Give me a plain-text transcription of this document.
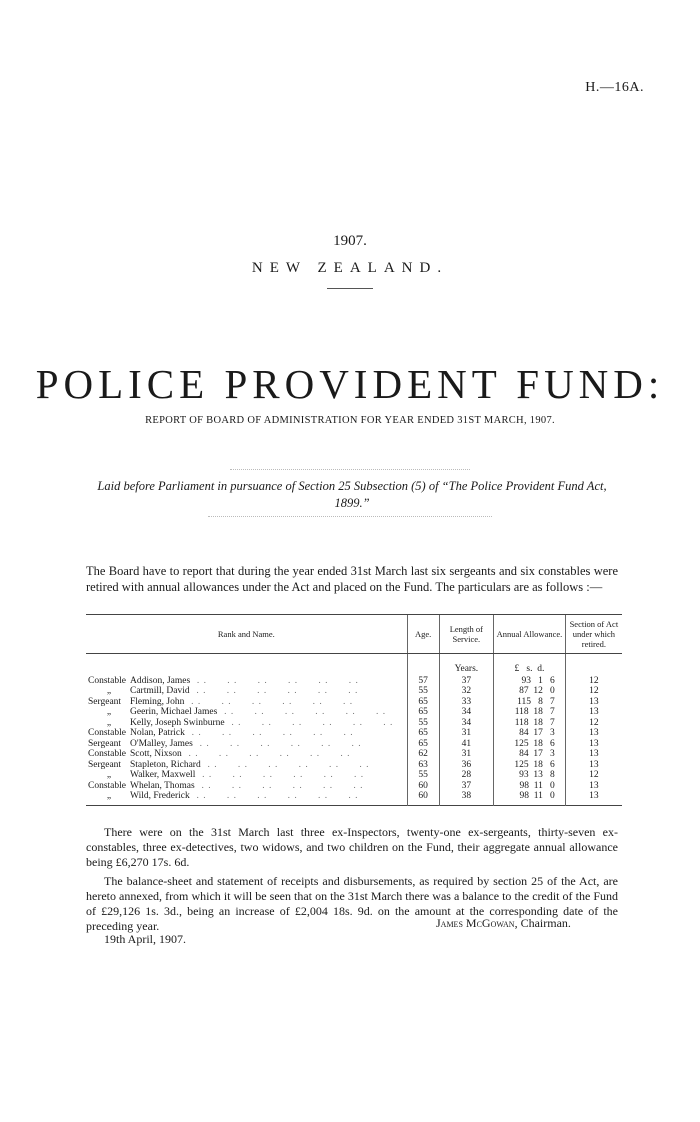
H.—16A.
1907.
NEW ZEALAND.
POLICE PROVIDENT FUND:
REPORT OF BOARD OF ADMINISTRATION FOR YEAR ENDED 31ST MARCH, 1907.
Laid before Parliament in pursuance of Section 25 Subsection (5) of “The Police Provident Fund Act, 1899.”
The Board have to report that during the year ended 31st March last six sergeants and six constables were retired with annual allowances under the Act and placed on the Fund. The particulars are as follows :—
Rank and Name.	Age.	Length of Service.	Annual Allowance.	Section of Act under which retired.
		Years.	£   s.  d.	
Constable Addison, James  . .      . .      . .      . .      . .      . .	57	37	93   1   6	12
„ Cartmill, David  . .      . .      . .      . .      . .      . .	55	32	87  12   0	12
Sergeant Fleming, John  . .      . .      . .      . .      . .      . .	65	33	115   8   7	13
„ Geerin, Michael James  . .      . .      . .      . .      . .      . .	65	34	118  18   7	13
„ Kelly, Joseph Swinburne  . .      . .      . .      . .      . .      . .	55	34	118  18   7	12
Constable Nolan, Patrick  . .      . .      . .      . .      . .      . .	65	31	84  17   3	13
Sergeant O'Malley, James  . .      . .      . .      . .      . .      . .	65	41	125  18   6	13
Constable Scott, Nixson  . .      . .      . .      . .      . .      . .	62	31	84  17   3	13
Sergeant Stapleton, Richard  . .      . .      . .      . .      . .      . .	63	36	125  18   6	13
„ Walker, Maxwell  . .      . .      . .      . .      . .      . .	55	28	93  13   8	12
Constable Whelan, Thomas  . .      . .      . .      . .      . .      . .	60	37	98  11   0	13
„ Wild, Frederick  . .      . .      . .      . .      . .      . .	60	38	98  11   0	13

There were on the 31st March last three ex-Inspectors, twenty-one ex-sergeants, thirty-seven ex-constables, three ex-detectives, two widows, and two children on the Fund, their aggregate annual allowance being £6,270 17s. 6d.

The balance-sheet and statement of receipts and disbursements, as required by section 25 of the Act, are hereto annexed, from which it will be seen that on the 31st March there was a balance to the credit of the Fund of £29,126 1s. 3d., being an increase of £2,004 18s. 9d. on the amount at the corresponding date of the preceding year.	James McGowan, Chairman.
19th April, 1907.
